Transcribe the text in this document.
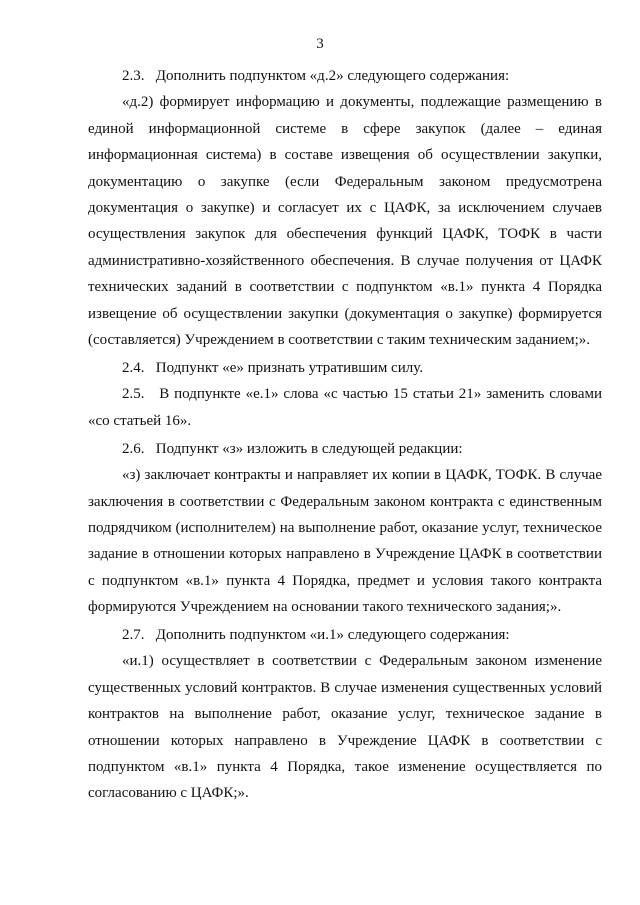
3

2.3.   Дополнить подпунктом «д.2» следующего содержания:

«д.2) формирует информацию и документы, подлежащие размещению в единой информационной системе в сфере закупок (далее – единая информационная система) в составе извещения об осуществлении закупки, документацию о закупке (если Федеральным законом предусмотрена документация о закупке) и согласует их с ЦАФК, за исключением случаев осуществления закупок для обеспечения функций ЦАФК, ТОФК в части административно-хозяйственного обеспечения. В случае получения от ЦАФК технических заданий в соответствии с подпунктом «в.1» пункта 4 Порядка извещение об осуществлении закупки (документация о закупке) формируется (составляется) Учреждением в соответствии с таким техническим заданием;».

2.4.   Подпункт «е» признать утратившим силу.

2.5.   В подпункте «е.1» слова «с частью 15 статьи 21» заменить словами «со статьей 16».

2.6.   Подпункт «з» изложить в следующей редакции:

«з) заключает контракты и направляет их копии в ЦАФК, ТОФК. В случае заключения в соответствии с Федеральным законом контракта с единственным подрядчиком (исполнителем) на выполнение работ, оказание услуг, техническое задание в отношении которых направлено в Учреждение ЦАФК в соответствии с подпунктом «в.1» пункта 4 Порядка, предмет и условия такого контракта формируются Учреждением на основании такого технического задания;».

2.7.   Дополнить подпунктом «и.1» следующего содержания:

«и.1) осуществляет в соответствии с Федеральным законом изменение существенных условий контрактов. В случае изменения существенных условий контрактов на выполнение работ, оказание услуг, техническое задание в отношении которых направлено в Учреждение ЦАФК в соответствии с подпунктом «в.1» пункта 4 Порядка, такое изменение осуществляется по согласованию с ЦАФК;».
